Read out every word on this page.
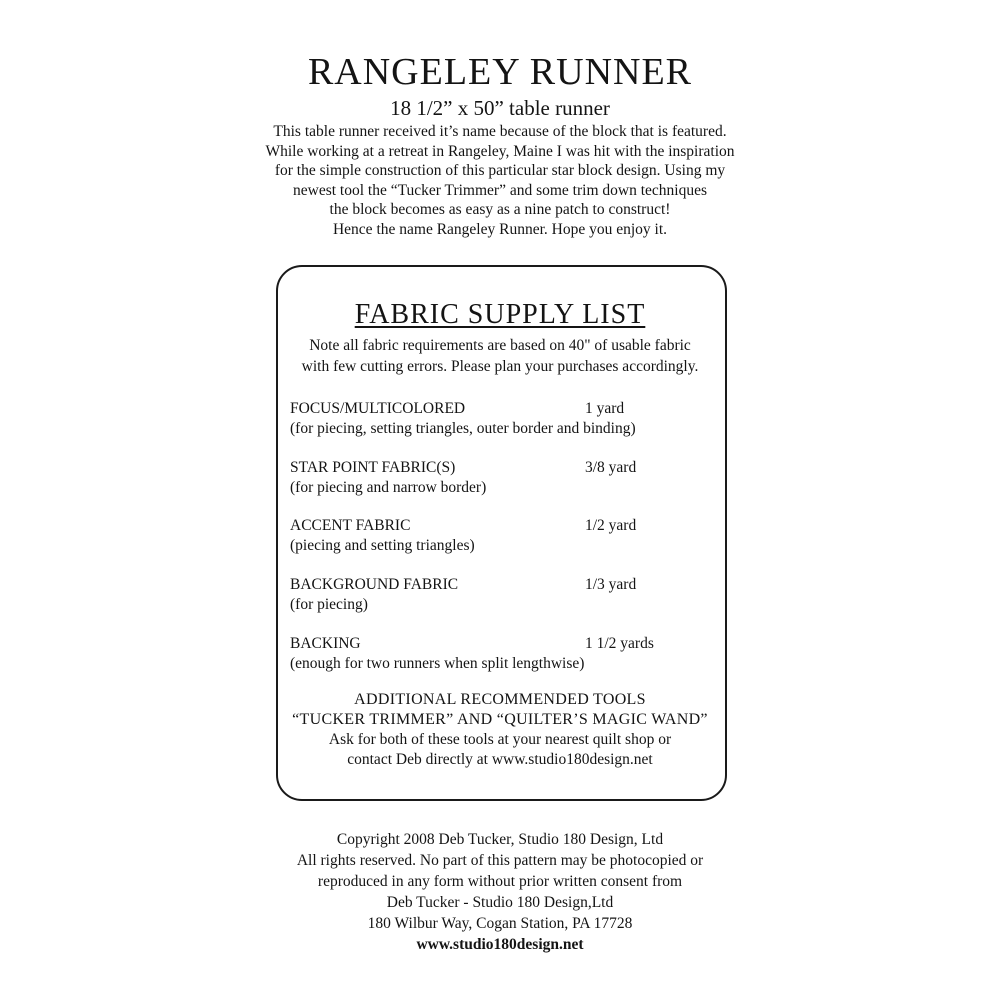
RANGELEY RUNNER
18 1/2” x 50” table runner
This table runner received it’s name because of the block that is featured.
While working at a retreat in Rangeley, Maine I was hit with the inspiration
for the simple construction of this particular star block design. Using my
newest tool the “Tucker Trimmer” and some trim down techniques
the block becomes as easy as a nine patch to construct!
Hence the name Rangeley Runner. Hope you enjoy it.
FABRIC SUPPLY LIST
Note all fabric requirements are based on 40" of usable fabric
with few cutting errors. Please plan your purchases accordingly.
FOCUS/MULTICOLORED	1 yard
(for piecing, setting triangles, outer border and binding)
STAR POINT FABRIC(S)	3/8 yard
(for piecing and narrow border)
ACCENT FABRIC	1/2 yard
(piecing and setting triangles)
BACKGROUND FABRIC	1/3 yard
(for piecing)
BACKING	1 1/2 yards
(enough for two runners when split lengthwise)
ADDITIONAL RECOMMENDED TOOLS
“TUCKER TRIMMER” AND “QUILTER’S MAGIC WAND”
Ask for both of these tools at your nearest quilt shop or
contact Deb directly at www.studio180design.net
Copyright 2008 Deb Tucker, Studio 180 Design, Ltd
All rights reserved. No part of this pattern may be photocopied or
reproduced in any form without prior written consent from
Deb Tucker - Studio 180 Design,Ltd
180 Wilbur Way, Cogan Station, PA 17728
www.studio180design.net
